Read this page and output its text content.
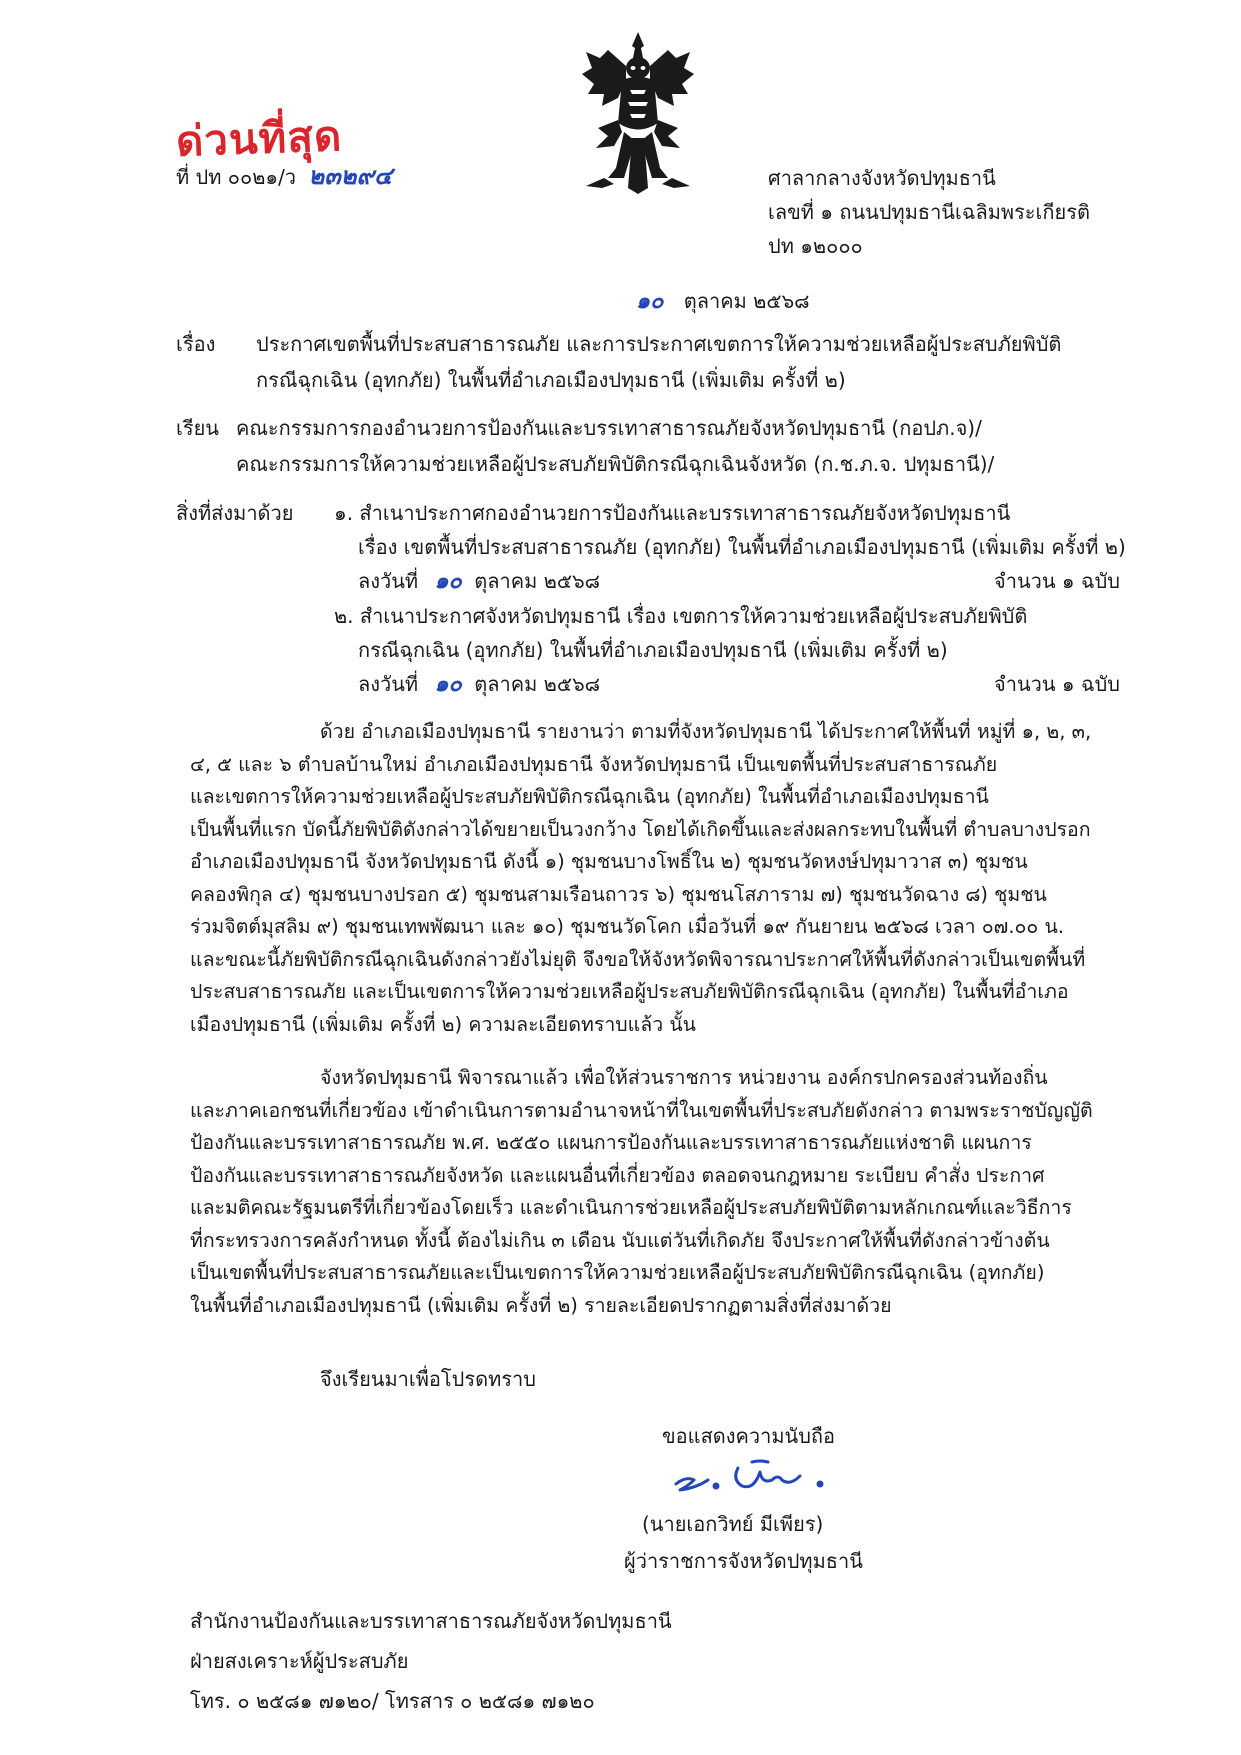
ด่วนที่สุด
ที่ ปท ๐๐๒๑/ว ๒๓๒๙๔	ศาลากลางจังหวัดปทุมธานี
เลขที่ ๑ ถนนปทุมธานีเฉลิมพระเกียรติ
ปท ๑๒๐๐๐
๑๐ ตุลาคม ๒๕๖๘
เรื่อง ประกาศเขตพื้นที่ประสบสาธารณภัย และการประกาศเขตการให้ความช่วยเหลือผู้ประสบภัยพิบัติ
กรณีฉุกเฉิน (อุทกภัย) ในพื้นที่อำเภอเมืองปทุมธานี (เพิ่มเติม ครั้งที่ ๒)
เรียน คณะกรรมการกองอำนวยการป้องกันและบรรเทาสาธารณภัยจังหวัดปทุมธานี (กอปภ.จ)/
คณะกรรมการให้ความช่วยเหลือผู้ประสบภัยพิบัติกรณีฉุกเฉินจังหวัด (ก.ช.ภ.จ. ปทุมธานี)/
สิ่งที่ส่งมาด้วย ๑. สำเนาประกาศกองอำนวยการป้องกันและบรรเทาสาธารณภัยจังหวัดปทุมธานี
เรื่อง เขตพื้นที่ประสบสาธารณภัย (อุทกภัย) ในพื้นที่อำเภอเมืองปทุมธานี (เพิ่มเติม ครั้งที่ ๒)
ลงวันที่ ๑๐ ตุลาคม ๒๕๖๘	จำนวน ๑ ฉบับ
๒. สำเนาประกาศจังหวัดปทุมธานี เรื่อง เขตการให้ความช่วยเหลือผู้ประสบภัยพิบัติ
กรณีฉุกเฉิน (อุทกภัย) ในพื้นที่อำเภอเมืองปทุมธานี (เพิ่มเติม ครั้งที่ ๒)
ลงวันที่ ๑๐ ตุลาคม ๒๕๖๘	จำนวน ๑ ฉบับ
ด้วย อำเภอเมืองปทุมธานี รายงานว่า ตามที่จังหวัดปทุมธานี ได้ประกาศให้พื้นที่ หมู่ที่ ๑, ๒, ๓,
๔, ๕ และ ๖ ตำบลบ้านใหม่ อำเภอเมืองปทุมธานี จังหวัดปทุมธานี เป็นเขตพื้นที่ประสบสาธารณภัย
และเขตการให้ความช่วยเหลือผู้ประสบภัยพิบัติกรณีฉุกเฉิน (อุทกภัย) ในพื้นที่อำเภอเมืองปทุมธานี
เป็นพื้นที่แรก บัดนี้ภัยพิบัติดังกล่าวได้ขยายเป็นวงกว้าง โดยได้เกิดขึ้นและส่งผลกระทบในพื้นที่ ตำบลบางปรอก
อำเภอเมืองปทุมธานี จังหวัดปทุมธานี ดังนี้ ๑) ชุมชนบางโพธิ์ใน ๒) ชุมชนวัดหงษ์ปทุมาวาส ๓) ชุมชน
คลองพิกุล ๔) ชุมชนบางปรอก ๕) ชุมชนสามเรือนถาวร ๖) ชุมชนโสภาราม ๗) ชุมชนวัดฉาง ๘) ชุมชน
ร่วมจิตต์มุสลิม ๙) ชุมชนเทพพัฒนา และ ๑๐) ชุมชนวัดโคก เมื่อวันที่ ๑๙ กันยายน ๒๕๖๘ เวลา ๐๗.๐๐ น.
และขณะนี้ภัยพิบัติกรณีฉุกเฉินดังกล่าวยังไม่ยุติ จึงขอให้จังหวัดพิจารณาประกาศให้พื้นที่ดังกล่าวเป็นเขตพื้นที่
ประสบสาธารณภัย และเป็นเขตการให้ความช่วยเหลือผู้ประสบภัยพิบัติกรณีฉุกเฉิน (อุทกภัย) ในพื้นที่อำเภอ
เมืองปทุมธานี (เพิ่มเติม ครั้งที่ ๒) ความละเอียดทราบแล้ว นั้น
จังหวัดปทุมธานี พิจารณาแล้ว เพื่อให้ส่วนราชการ หน่วยงาน องค์กรปกครองส่วนท้องถิ่น
และภาคเอกชนที่เกี่ยวข้อง เข้าดำเนินการตามอำนาจหน้าที่ในเขตพื้นที่ประสบภัยดังกล่าว ตามพระราชบัญญัติ
ป้องกันและบรรเทาสาธารณภัย พ.ศ. ๒๕๕๐ แผนการป้องกันและบรรเทาสาธารณภัยแห่งชาติ แผนการ
ป้องกันและบรรเทาสาธารณภัยจังหวัด และแผนอื่นที่เกี่ยวข้อง ตลอดจนกฎหมาย ระเบียบ คำสั่ง ประกาศ
และมติคณะรัฐมนตรีที่เกี่ยวข้องโดยเร็ว และดำเนินการช่วยเหลือผู้ประสบภัยพิบัติตามหลักเกณฑ์และวิธีการ
ที่กระทรวงการคลังกำหนด ทั้งนี้ ต้องไม่เกิน ๓ เดือน นับแต่วันที่เกิดภัย จึงประกาศให้พื้นที่ดังกล่าวข้างต้น
เป็นเขตพื้นที่ประสบสาธารณภัยและเป็นเขตการให้ความช่วยเหลือผู้ประสบภัยพิบัติกรณีฉุกเฉิน (อุทกภัย)
ในพื้นที่อำเภอเมืองปทุมธานี (เพิ่มเติม ครั้งที่ ๒) รายละเอียดปรากฏตามสิ่งที่ส่งมาด้วย
จึงเรียนมาเพื่อโปรดทราบ
ขอแสดงความนับถือ
(นายเอกวิทย์ มีเพียร)
ผู้ว่าราชการจังหวัดปทุมธานี
สำนักงานป้องกันและบรรเทาสาธารณภัยจังหวัดปทุมธานี
ฝ่ายสงเคราะห์ผู้ประสบภัย
โทร. ๐ ๒๕๘๑ ๗๑๒๐/ โทรสาร ๐ ๒๕๘๑ ๗๑๒๐
